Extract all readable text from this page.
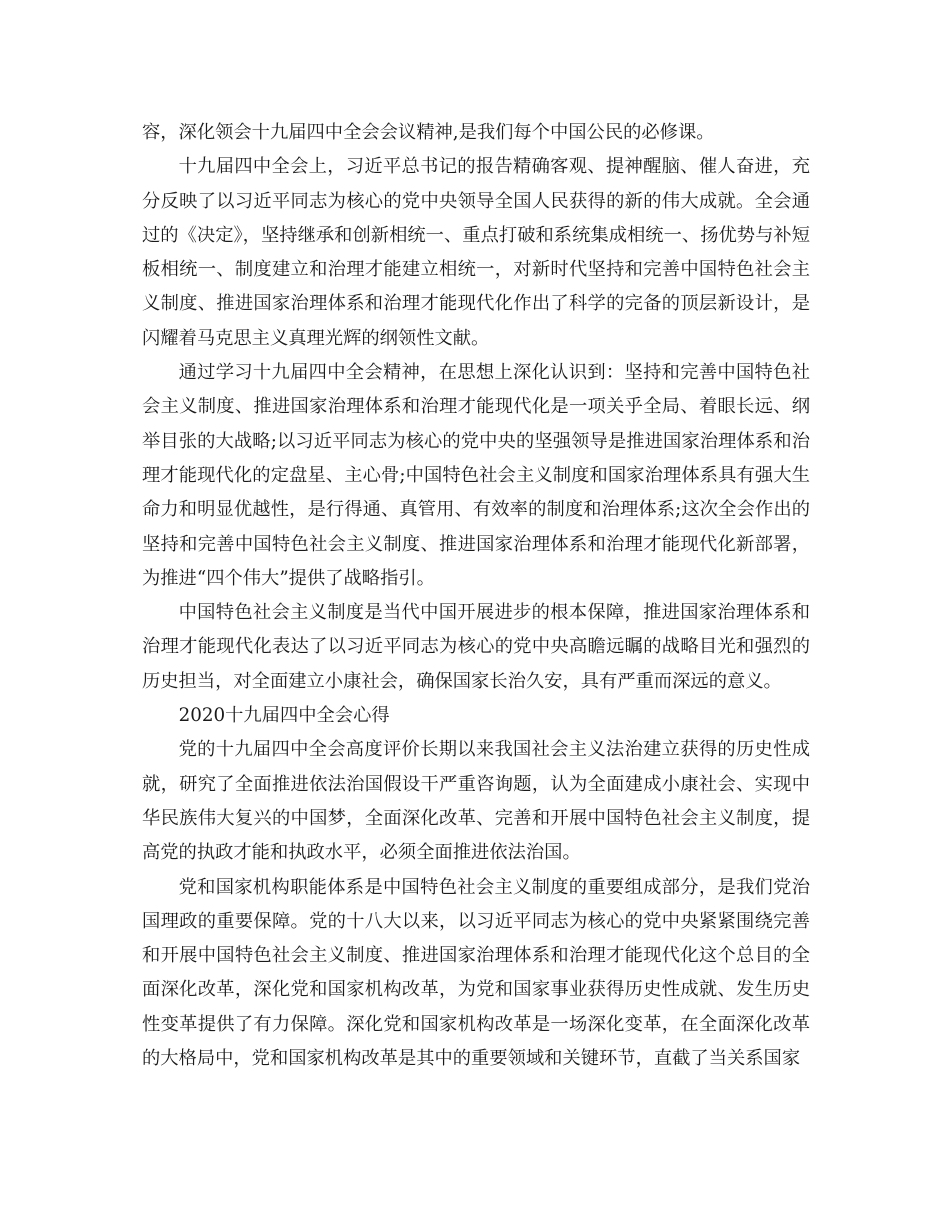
容，深化领会十九届四中全会会议精神,是我们每个中国公民的必修课。

十九届四中全会上，习近平总书记的报告精确客观、提神醒脑、催人奋进，充分反映了以习近平同志为核心的党中央领导全国人民获得的新的伟大成就。全会通过的《决定》，坚持继承和创新相统一、重点打破和系统集成相统一、扬优势与补短板相统一、制度建立和治理才能建立相统一，对新时代坚持和完善中国特色社会主义制度、推进国家治理体系和治理才能现代化作出了科学的完备的顶层新设计，是闪耀着马克思主义真理光辉的纲领性文献。

通过学习十九届四中全会精神，在思想上深化认识到：坚持和完善中国特色社会主义制度、推进国家治理体系和治理才能现代化是一项关乎全局、着眼长远、纲举目张的大战略;以习近平同志为核心的党中央的坚强领导是推进国家治理体系和治理才能现代化的定盘星、主心骨;中国特色社会主义制度和国家治理体系具有强大生命力和明显优越性，是行得通、真管用、有效率的制度和治理体系;这次全会作出的坚持和完善中国特色社会主义制度、推进国家治理体系和治理才能现代化新部署，为推进“四个伟大”提供了战略指引。

中国特色社会主义制度是当代中国开展进步的根本保障，推进国家治理体系和治理才能现代化表达了以习近平同志为核心的党中央高瞻远瞩的战略目光和强烈的历史担当，对全面建立小康社会，确保国家长治久安，具有严重而深远的意义。

2020十九届四中全会心得

党的十九届四中全会高度评价长期以来我国社会主义法治建立获得的历史性成就，研究了全面推进依法治国假设干严重咨询题，认为全面建成小康社会、实现中华民族伟大复兴的中国梦，全面深化改革、完善和开展中国特色社会主义制度，提高党的执政才能和执政水平，必须全面推进依法治国。

党和国家机构职能体系是中国特色社会主义制度的重要组成部分，是我们党治国理政的重要保障。党的十八大以来，以习近平同志为核心的党中央紧紧围绕完善和开展中国特色社会主义制度、推进国家治理体系和治理才能现代化这个总目的全面深化改革，深化党和国家机构改革，为党和国家事业获得历史性成就、发生历史性变革提供了有力保障。深化党和国家机构改革是一场深化变革，在全面深化改革的大格局中，党和国家机构改革是其中的重要领域和关键环节，直截了当关系国家
